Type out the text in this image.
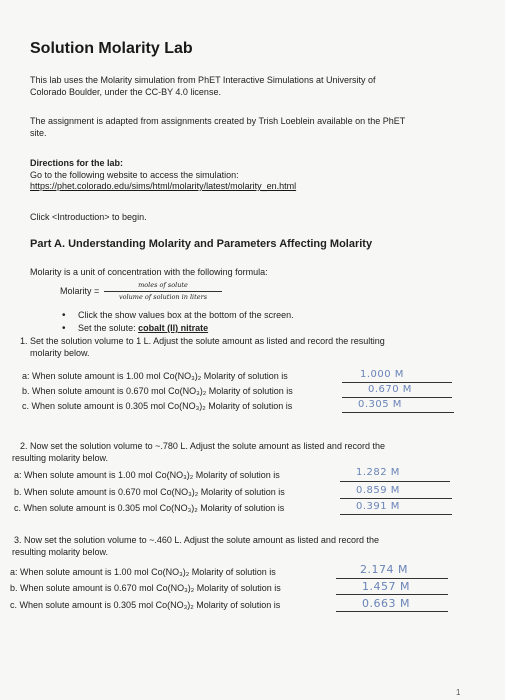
Solution Molarity Lab
This lab uses the Molarity simulation from PhET Interactive Simulations at University of
Colorado Boulder, under the CC-BY 4.0 license.
The assignment is adapted from assignments created by Trish Loeblein available on the PhET
site.
Directions for the lab:
Go to the following website to access the simulation:
https://phet.colorado.edu/sims/html/molarity/latest/molarity_en.html
Click <Introduction> to begin.
Part A. Understanding Molarity and Parameters Affecting Molarity
Molarity is a unit of concentration with the following formula:
Molarity =
moles of solute
volume of solution in liters
• Click the show values box at the bottom of the screen.
• Set the solute: cobalt (II) nitrate
1. Set the solution volume to 1 L. Adjust the solute amount as listed and record the resulting
molarity below.
a: When solute amount is 1.00 mol Co(NO₃)₂ Molarity of solution is	1.000 M
b. When solute amount is 0.670 mol Co(NO₃)₂ Molarity of solution is	0.670 M
c. When solute amount is 0.305 mol Co(NO₃)₂ Molarity of solution is	0.305 M
2. Now set the solution volume to ~.780 L. Adjust the solute amount as listed and record the
resulting molarity below.
a: When solute amount is 1.00 mol Co(NO₃)₂ Molarity of solution is	1.282 M
b. When solute amount is 0.670 mol Co(NO₃)₂ Molarity of solution is	0.859 M
c. When solute amount is 0.305 mol Co(NO₃)₂ Molarity of solution is	0.391 M
3. Now set the solution volume to ~.460 L. Adjust the solute amount as listed and record the
resulting molarity below.
a: When solute amount is 1.00 mol Co(NO₃)₂ Molarity of solution is	2.174 M
b. When solute amount is 0.670 mol Co(NO₃)₂ Molarity of solution is	1.457 M
c. When solute amount is 0.305 mol Co(NO₃)₂ Molarity of solution is	0.663 M
1
